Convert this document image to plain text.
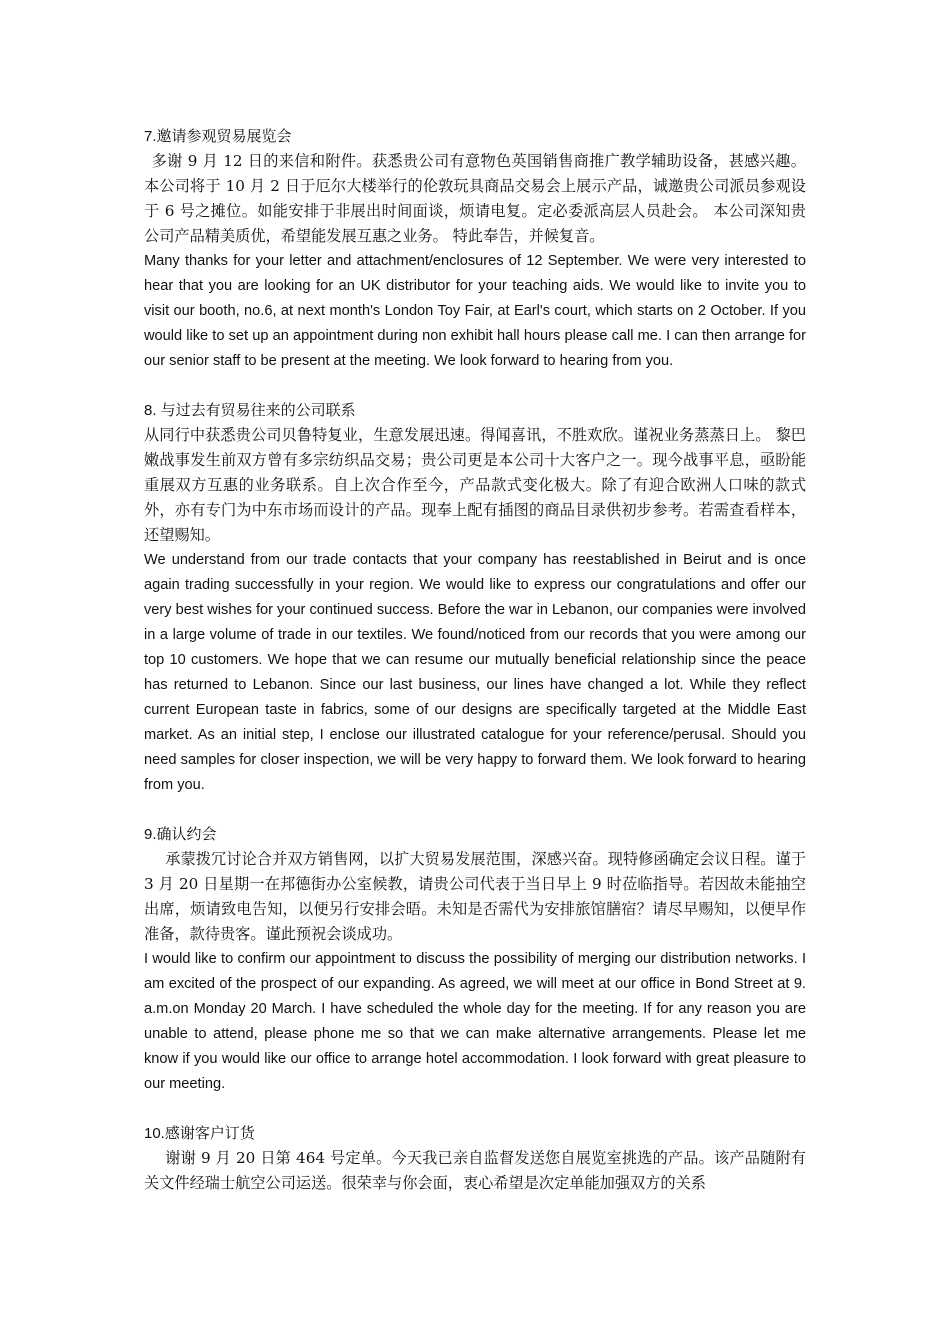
7.邀请参观贸易展览会

多谢 9 月 12 日的来信和附件。获悉贵公司有意物色英国销售商推广教学辅助设备，甚感兴趣。 本公司将于 10 月 2 日于厄尔大楼举行的伦敦玩具商品交易会上展示产品，诚邀贵公司派员参观设于 6 号之摊位。如能安排于非展出时间面谈，烦请电复。定必委派高层人员赴会。 本公司深知贵公司产品精美质优，希望能发展互惠之业务。 特此奉告，并候复音。

Many thanks for your letter and attachment/enclosures of 12 September. We were very interested to hear that you are looking for an UK distributor for your teaching aids. We would like to invite you to visit our booth, no.6, at next month's London Toy Fair, at Earl's court, which starts on 2 October. If you would like to set up an appointment during non exhibit hall hours please call me. I can then arrange for our senior staff to be present at the meeting. We look forward to hearing from you.

8. 与过去有贸易往来的公司联系

从同行中获悉贵公司贝鲁特复业，生意发展迅速。得闻喜讯，不胜欢欣。谨祝业务蒸蒸日上。 黎巴嫩战事发生前双方曾有多宗纺织品交易；贵公司更是本公司十大客户之一。现今战事平息，亟盼能重展双方互惠的业务联系。自上次合作至今，产品款式变化极大。除了有迎合欧洲人口味的款式外，亦有专门为中东市场而设计的产品。现奉上配有插图的商品目录供初步参考。若需查看样本，还望赐知。

We understand from our trade contacts that your company has reestablished in Beirut and is once again trading successfully in your region. We would like to express our congratulations and offer our very best wishes for your continued success. Before the war in Lebanon, our companies were involved in a large volume of trade in our textiles. We found/noticed from our records that you were among our top 10 customers. We hope that we can resume our mutually beneficial relationship since the peace has returned to Lebanon. Since our last business, our lines have changed a lot. While they reflect current European taste in fabrics, some of our designs are specifically targeted at the Middle East market. As an initial step, I enclose our illustrated catalogue for your reference/perusal. Should you need samples for closer inspection, we will be very happy to forward them. We look forward to hearing from you.

9.确认约会

承蒙拨冗讨论合并双方销售网，以扩大贸易发展范围，深感兴奋。现特修函确定会议日程。谨于 3 月 20 日星期一在邦德街办公室候教，请贵公司代表于当日早上 9 时莅临指导。若因故未能抽空出席，烦请致电告知，以便另行安排会晤。未知是否需代为安排旅馆膳宿？请尽早赐知，以便早作准备，款待贵客。谨此预祝会谈成功。

I would like to confirm our appointment to discuss the possibility of merging our distribution networks. I am excited of the prospect of our expanding. As agreed, we will meet at our office in Bond Street at 9. a.m.on Monday 20 March. I have scheduled the whole day for the meeting. If for any reason you are unable to attend, please phone me so that we can make alternative arrangements. Please let me know if you would like our office to arrange hotel accommodation. I look forward with great pleasure to our meeting.

10.感谢客户订货

谢谢 9 月 20 日第 464 号定单。今天我已亲自监督发送您自展览室挑选的产品。该产品随附有关文件经瑞士航空公司运送。很荣幸与你会面，衷心希望是次定单能加强双方的关系
